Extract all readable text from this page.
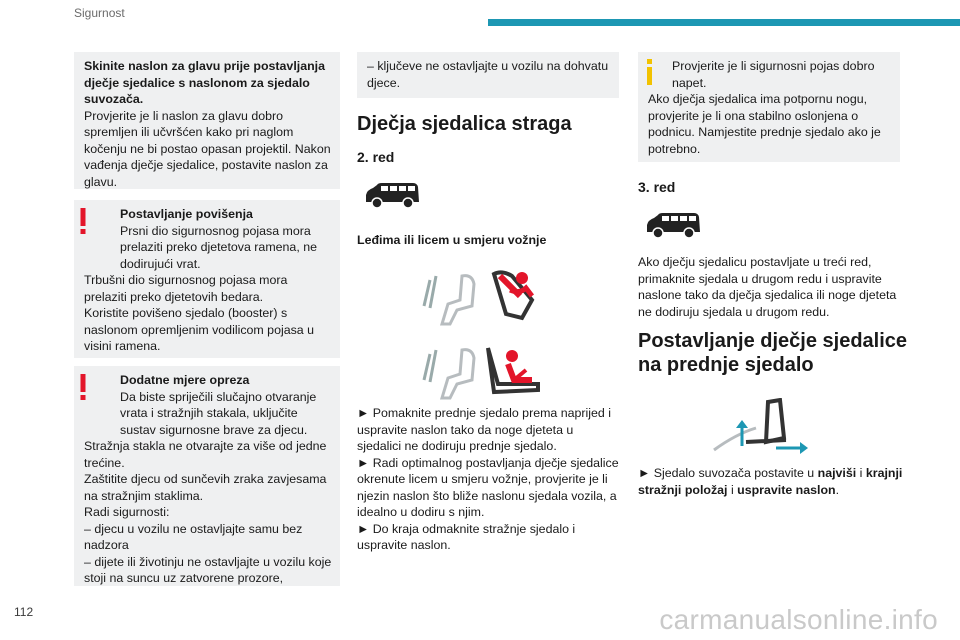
Sigurnost

Skinite naslon za glavu prije postavljanja dječje sjedalice s naslonom za sjedalo suvozača.

Provjerite je li naslon za glavu dobro spremljen ili učvršćen kako pri naglom kočenju ne bi postao opasan projektil. Nakon vađenja dječje sjedalice, postavite naslon za glavu.

Postavljanje povišenja

Prsni dio sigurnosnog pojasa mora prelaziti preko djetetova ramena, ne dodirujući vrat.

Trbušni dio sigurnosnog pojasa mora prelaziti preko djetetovih bedara.

Koristite povišeno sjedalo (booster) s naslonom opremljenim vodilicom pojasa u visini ramena.

Dodatne mjere opreza

Da biste spriječili slučajno otvaranje vrata i stražnjih stakala, uključite sustav sigurnosne brave za djecu.

Stražnja stakla ne otvarajte za više od jedne trećine.

Zaštitite djecu od sunčevih zraka zavjesama na stražnjim staklima.

Radi sigurnosti:

– djecu u vozilu ne ostavljajte samu bez nadzora

– dijete ili životinju ne ostavljajte u vozilu koje stoji na suncu uz zatvorene prozore,

– ključeve ne ostavljajte u vozilu na dohvatu djece.

Dječja sjedalica straga
2. red
Leđima ili licem u smjeru vožnje

► Pomaknite prednje sjedalo prema naprijed i uspravite naslon tako da noge djeteta u sjedalici ne dodiruju prednje sjedalo.

► Radi optimalnog postavljanja dječje sjedalice okrenute licem u smjeru vožnje, provjerite je li njezin naslon što bliže naslonu sjedala vozila, a idealno u dodiru s njim.

► Do kraja odmaknite stražnje sjedalo i uspravite naslon.

Provjerite je li sigurnosni pojas dobro napet.

Ako dječja sjedalica ima potpornu nogu, provjerite je li ona stabilno oslonjena o podnicu. Namjestite prednje sjedalo ako je potrebno.

3. red
Ako dječju sjedalicu postavljate u treći red, primaknite sjedala u drugom redu i uspravite naslone tako da dječja sjedalica ili noge djeteta ne dodiruju sjedala u drugom redu.
Postavljanje dječje sjedalice na prednje sjedalo
► Sjedalo suvozača postavite u najviši i krajnji stražnji položaj i uspravite naslon.
112	carmanualsonline.info
